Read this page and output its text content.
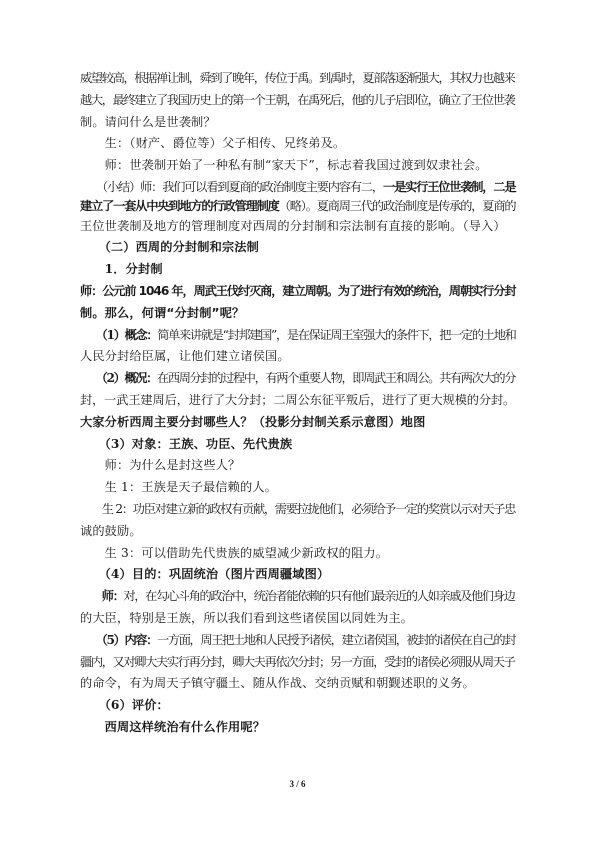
威望较高，根据禅让制，舜到了晚年，传位于禹。到禹时，夏部落逐渐强大，其权力也越来
越大，最终建立了我国历史上的第一个王朝，在禹死后，他的儿子启即位，确立了王位世袭
制。请问什么是世袭制？
　　生：（财产、爵位等）父子相传、兄终弟及。
　　师：世袭制开始了一种私有制“家天下”，标志着我国过渡到奴隶社会。
　　（小结）师：我们可以看到夏商的政治制度主要内容有二，一是实行王位世袭制，二是
建立了一套从中央到地方的行政管理制度（略）。夏商周三代的政治制度是传承的，夏商的
王位世袭制及地方的管理制度对西周的分封制和宗法制有直接的影响。（导入）
　　（二）西周的分封制和宗法制
　　1．分封制
师：公元前 1046 年，周武王伐纣灭商，建立周朝。为了进行有效的统治，周朝实行分封
制。那么，何谓“分封制”呢？
　　（1）概念：简单来讲就是“封邦建国”，是在保证周王室强大的条件下，把一定的土地和
人民分封给臣属，让他们建立诸侯国。
　　（2）概况：在西周分封的过程中，有两个重要人物，即周武王和周公。共有两次大的分
封，一武王建周后，进行了大分封；二周公东征平叛后，进行了更大规模的分封。
大家分析西周主要分封哪些人？（投影分封制关系示意图）地图
　　（3）对象：王族、功臣、先代贵族
　　师：为什么是封这些人？
　　生 1：王族是天子最信赖的人。
　　生 2：功臣对建立新的政权有贡献，需要拉拢他们，必须给予一定的奖赏以示对天子忠
诚的鼓励。
　　生 3：可以借助先代贵族的威望减少新政权的阻力。
　　（4）目的：巩固统治（图片西周疆域图）
　　师：对，在勾心斗角的政治中，统治者能依赖的只有他们最亲近的人如亲戚及他们身边
的大臣，特别是王族，所以我们看到这些诸侯国以同姓为主。
　　（5）内容：一方面，周王把土地和人民授予诸侯，建立诸侯国，被封的诸侯在自己的封
疆内，又对卿大夫实行再分封，卿大夫再依次分封；另一方面，受封的诸侯必须服从周天子
的命令，有为周天子镇守疆土、随从作战、交纳贡赋和朝觐述职的义务。
　　（6）评价：
　　西周这样统治有什么作用呢？
3 / 6
